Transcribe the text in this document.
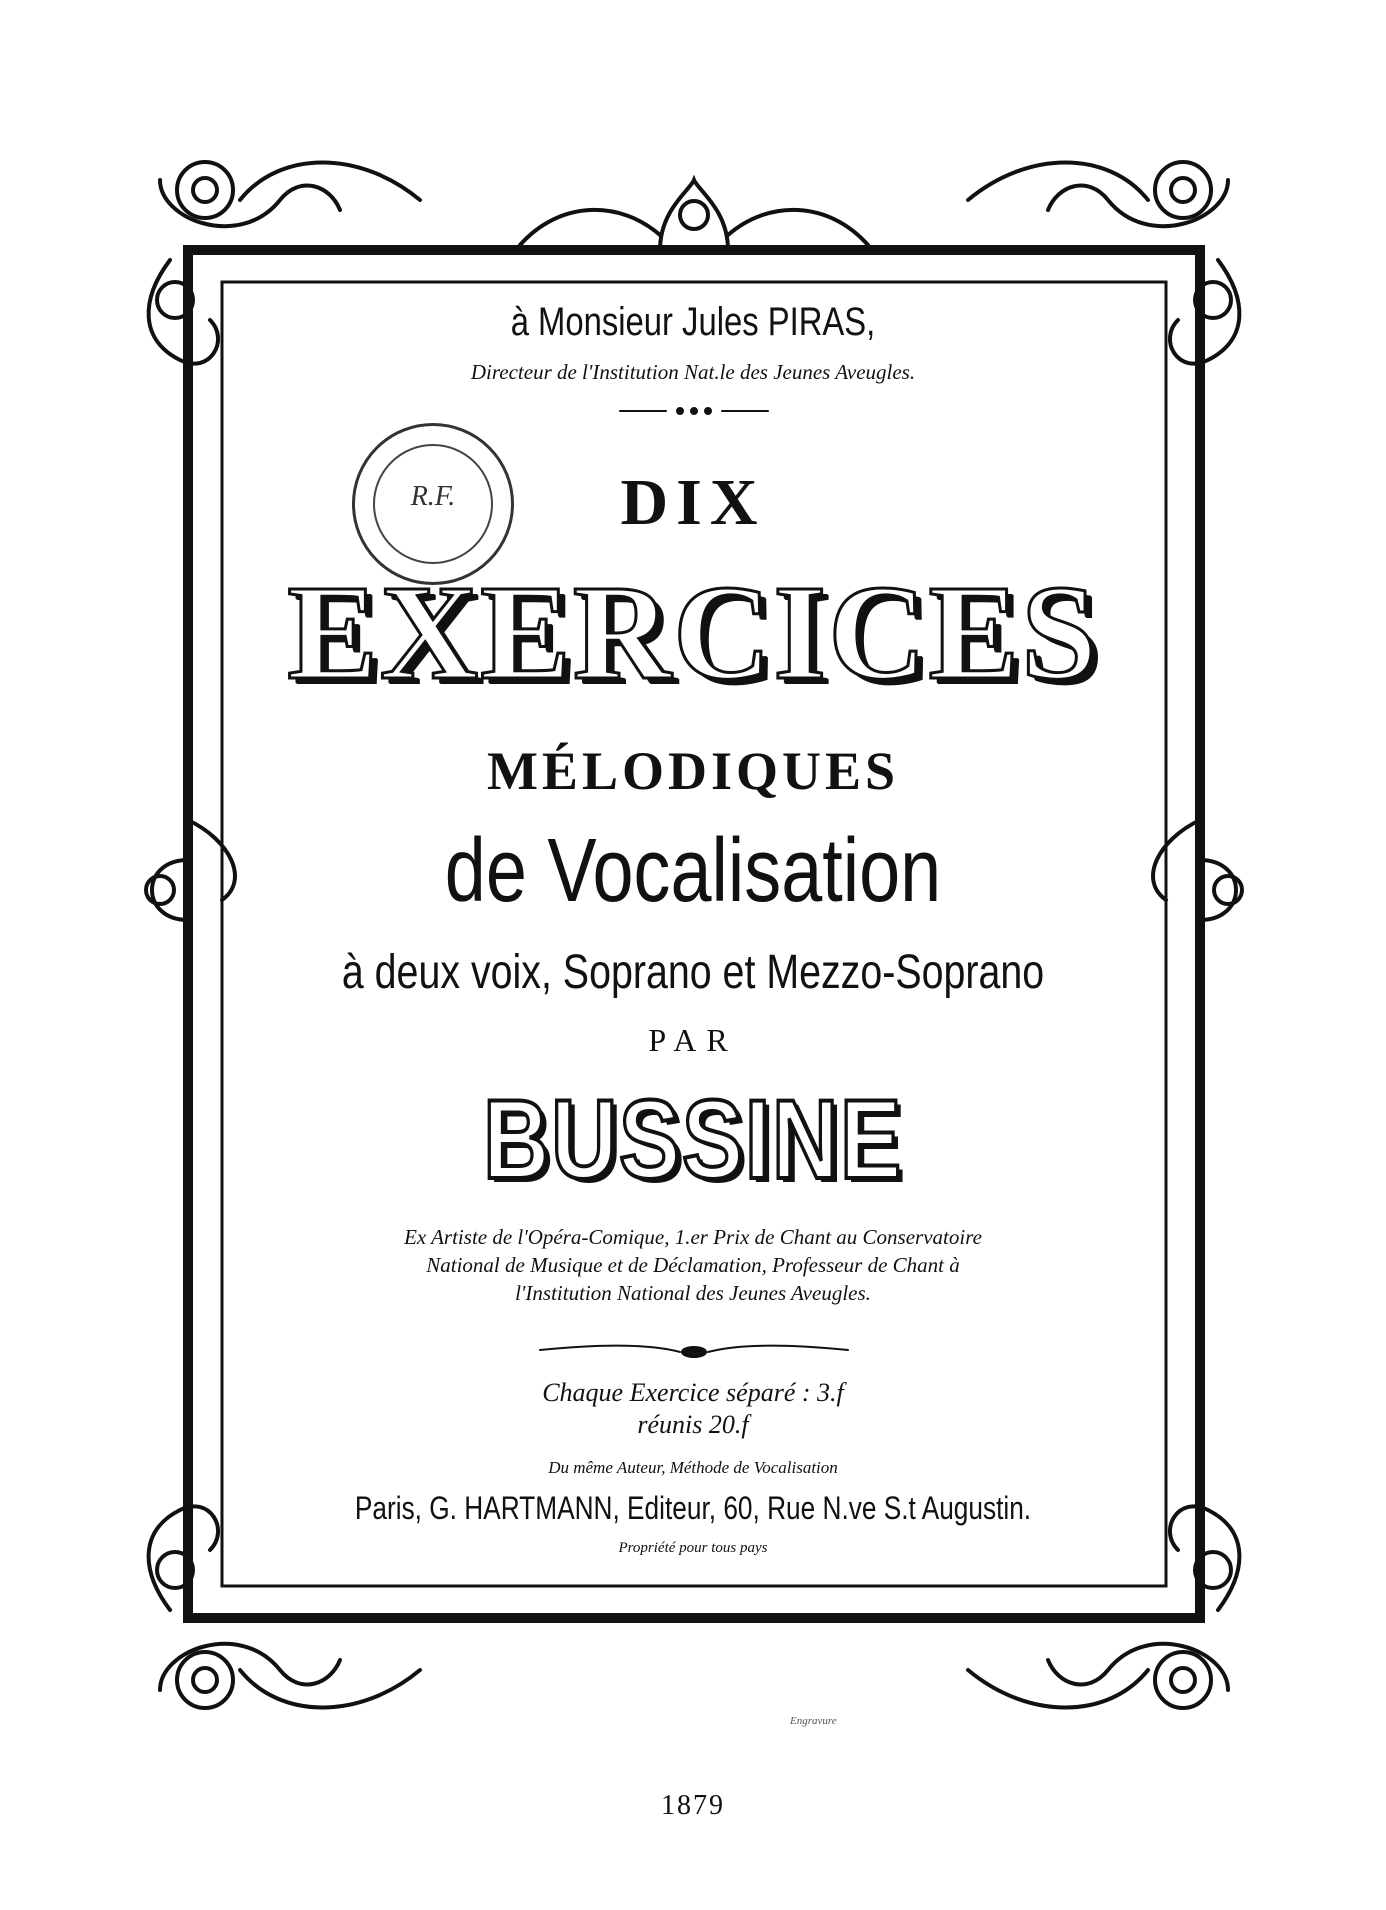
R.F.

à Monsieur Jules PIRAS,

Directeur de l'Institution Nat.le des Jeunes Aveugles.

DIX

EXERCICES

MÉLODIQUES

de Vocalisation

à deux voix, Soprano et Mezzo-Soprano

PAR

BUSSINE

Ex Artiste de l'Opéra-Comique, 1.er Prix de Chant au Conservatoire

National de Musique et de Déclamation, Professeur de Chant à

l'Institution National des Jeunes Aveugles.

Chaque Exercice séparé : 3.f

réunis 20.f

Du même Auteur, Méthode de Vocalisation

Paris, G. HARTMANN, Editeur, 60, Rue N.ve S.t Augustin.

Propriété pour tous pays

Engravure

1879
